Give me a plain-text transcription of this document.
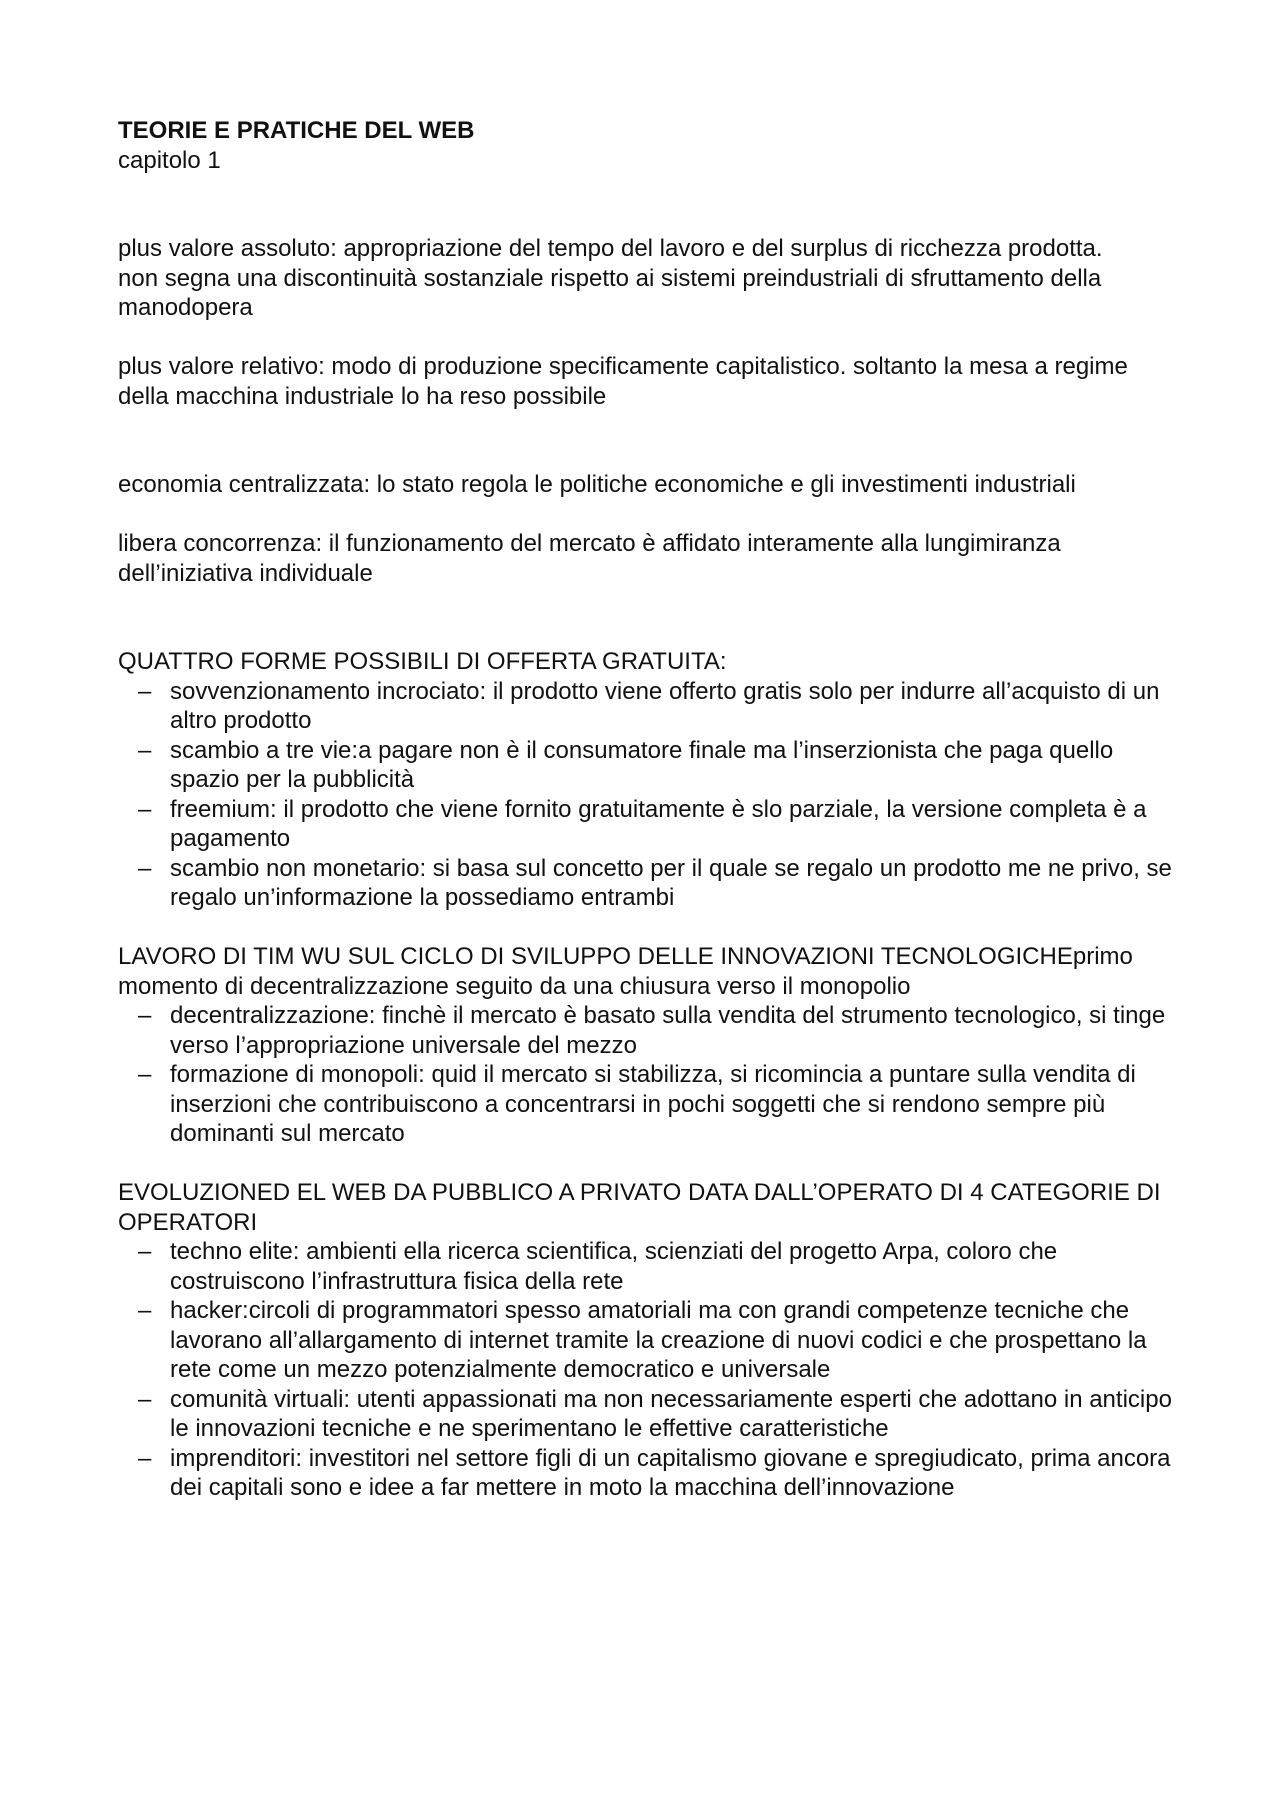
TEORIE E PRATICHE DEL WEB

capitolo 1

plus valore assoluto: appropriazione del tempo del lavoro e del surplus di ricchezza prodotta.

non segna una discontinuità sostanziale rispetto ai sistemi preindustriali di sfruttamento della manodopera

plus valore relativo: modo di produzione specificamente capitalistico. soltanto la mesa a regime della macchina industriale lo ha reso possibile

economia centralizzata: lo stato regola le politiche economiche e gli investimenti industriali

libera concorrenza: il funzionamento del mercato è affidato interamente alla lungimiranza dell’iniziativa individuale

QUATTRO FORME POSSIBILI DI OFFERTA GRATUITA:

– sovvenzionamento incrociato: il prodotto viene offerto gratis solo per indurre all’acquisto di un altro prodotto
– scambio a tre vie:a pagare non è il consumatore finale ma l’inserzionista che paga quello spazio per la pubblicità
– freemium: il prodotto che viene fornito gratuitamente è slo parziale, la versione completa è a pagamento
– scambio non monetario: si basa sul concetto per il quale se regalo un prodotto me ne privo, se regalo un’informazione la possediamo entrambi

LAVORO DI TIM WU SUL CICLO DI SVILUPPO DELLE INNOVAZIONI TECNOLOGICHEprimo momento di decentralizzazione seguito da una chiusura verso il monopolio

– decentralizzazione: finchè il mercato è basato sulla vendita del strumento tecnologico, si tinge verso l’appropriazione universale del mezzo
– formazione di monopoli: quid il mercato si stabilizza, si ricomincia a puntare sulla vendita di inserzioni che contribuiscono a concentrarsi in pochi soggetti che si rendono sempre più dominanti sul mercato

EVOLUZIONED EL WEB DA PUBBLICO A PRIVATO DATA DALL’OPERATO DI 4 CATEGORIE DI OPERATORI

– techno elite: ambienti ella ricerca scientifica, scienziati del progetto Arpa, coloro che costruiscono l’infrastruttura fisica della rete
– hacker:circoli di programmatori spesso amatoriali ma con grandi competenze tecniche che lavorano all’allargamento di internet tramite la creazione di nuovi codici e che prospettano la rete come un mezzo potenzialmente democratico e universale
– comunità virtuali: utenti appassionati ma non necessariamente esperti che adottano in anticipo le innovazioni tecniche e ne sperimentano le effettive caratteristiche
– imprenditori: investitori nel settore figli di un capitalismo giovane e spregiudicato, prima ancora dei capitali sono e idee a far mettere in moto la macchina dell’innovazione
